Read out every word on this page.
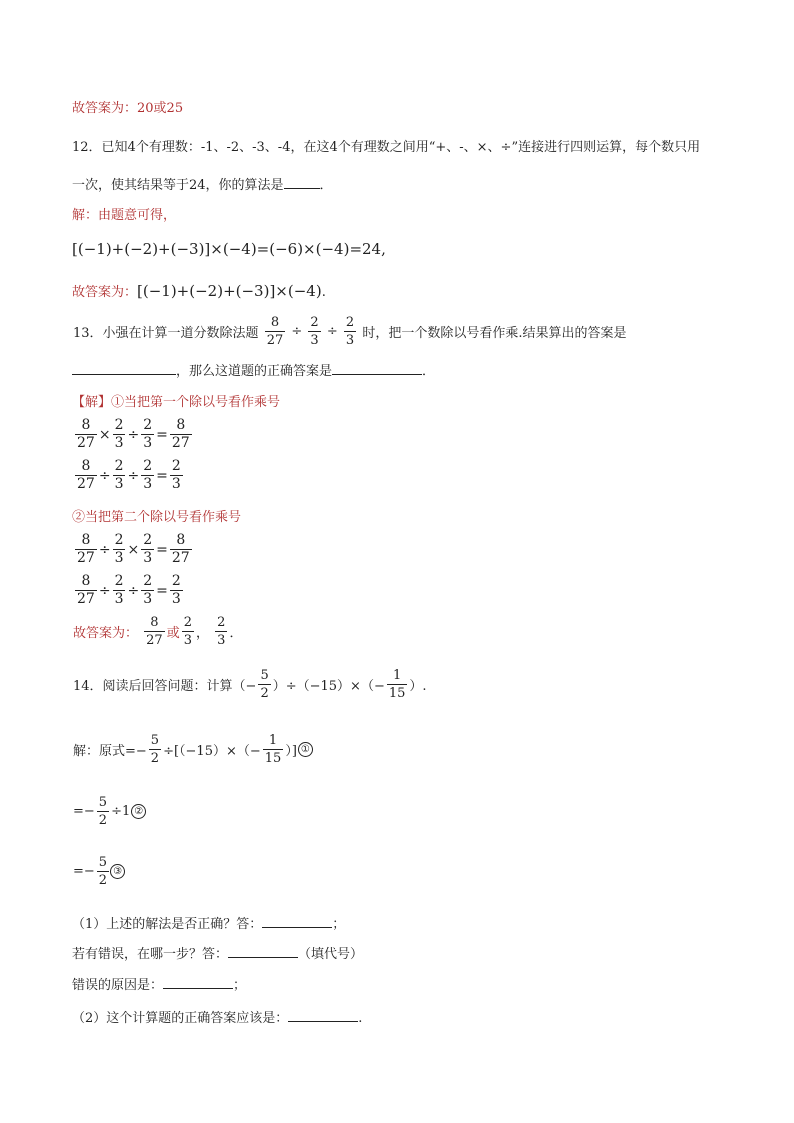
故答案为：20或25
12．已知4个有理数：-1、-2、-3、-4，在这4个有理数之间用“+、-、×、÷”连接进行四则运算，每个数只用
一次，使其结果等于24，你的算法是	．
解：由题意可得，
[(−1)+(−2)+(−3)]×(−4)=(−6)×(−4)=24,
故答案为：[(−1)+(−2)+(−3)]×(−4).
13．小强在计算一道分数除法题 $\frac{8}{27} \div \frac{2}{3} \div \frac{2}{3}$ 时，把一个数除以号看作乘.结果算出的答案是
，那么这道题的正确答案是	．
【解】①当把第一个除以号看作乘号
$\frac{8}{27} \times \frac{2}{3} \div \frac{2}{3} = \frac{8}{27}$
$\frac{8}{27} \div \frac{2}{3} \div \frac{2}{3} = \frac{2}{3}$
②当把第二个除以号看作乘号
$\frac{8}{27} \div \frac{2}{3} \times \frac{2}{3} = \frac{8}{27}$
$\frac{8}{27} \div \frac{2}{3} \div \frac{2}{3} = \frac{2}{3}$
故答案为： $\frac{8}{27}$ 或 $\frac{2}{3}$ ， $\frac{2}{3}$ ．
14．阅读后回答问题：计算（− $\frac{5}{2} )\div(-15)\times(- \frac{1}{15}$ ）.
解：原式=− $\frac{5}{2} \div[(-15)\times(- \frac{1}{15}$ ）] ①
=− $\frac{5}{2} \div 1$ ②
=− $\frac{5}{2}$ ③
（1）上述的解法是否正确？答：	；
若有错误，在哪一步？答：	（填代号）
错误的原因是：	；
（2）这个计算题的正确答案应该是：	.
